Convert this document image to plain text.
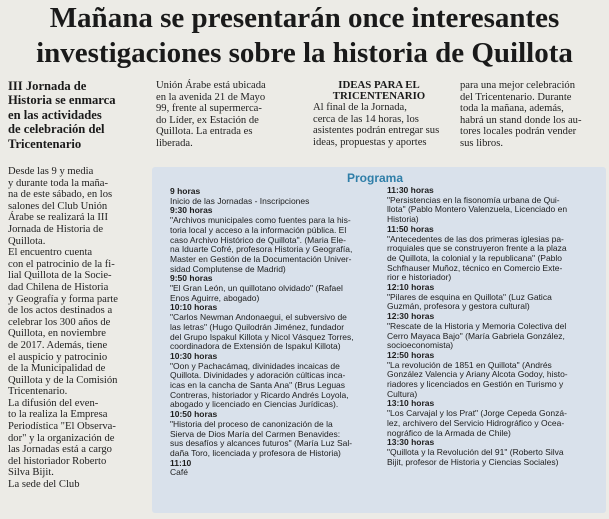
Mañana se presentarán once interesantes
investigaciones sobre la historia de Quillota
III Jornada de
Historia se enmarca
en las actividades
de celebración del
Tricentenario
Desde las 9 y media
y durante toda la maña-
na de este sábado, en los
salones del Club Unión
Árabe se realizará la III
Jornada de Historia de
Quillota.
El encuentro cuenta
con el patrocinio de la fi-
lial Quillota de la Socie-
dad Chilena de Historia
y Geografía y forma parte
de los actos destinados a
celebrar los 300 años de
Quillota, en noviembre
de 2017. Además, tiene
el auspicio y patrocinio
de la Municipalidad de
Quillota y de la Comisión
Tricentenario.
La difusión del even-
to la realiza la Empresa
Periodística "El Observa-
dor" y la organización de
las Jornadas está a cargo
del historiador Roberto
Silva Bijit.
La sede del Club
Unión Árabe está ubicada
en la avenida 21 de Mayo
99, frente al supermerca-
do Líder, ex Estación de
Quillota. La entrada es
liberada.
IDEAS PARA EL
TRICENTENARIO
Al final de la Jornada,
cerca de las 14 horas, los
asistentes podrán entregar sus
ideas, propuestas y aportes
para una mejor celebración
del Tricentenario. Durante
toda la mañana, además,
habrá un stand donde los au-
tores locales podrán vender
sus libros.
Programa
9 horas
Inicio de las Jornadas - Inscripciones
9:30 horas
"Archivos municipales como fuentes para la his-
toria local y acceso a la información pública. El
caso Archivo Histórico de Quillota". (Maria Ele-
na Iduarte Cofré, profesora Historia y Geografía,
Master en Gestión de la Documentación Univer-
sidad Complutense de Madrid)
9:50 horas
"El Gran León, un quillotano olvidado" (Rafael
Enos Aguirre, abogado)
10:10 horas
"Carlos Newman Andonaegui, el subversivo de
las letras" (Hugo Quilodrán Jiménez, fundador
del Grupo Ispakul Killota y Nicol Vásquez Torres,
coordinadora de Extensión de Ispakul Killota)
10:30 horas
"Oon y Pachacámaq, divinidades incaicas de
Quillota. Divinidades y adoración cúlticas inca-
icas en la cancha de Santa Ana" (Brus Leguas
Contreras, historiador y Ricardo Andrés Loyola,
abogado y licenciado en Ciencias Jurídicas).
10:50 horas
"Historia del proceso de canonización de la
Sierva de Dios María del Carmen Benavides:
sus desafíos y alcances futuros" (María Luz Sal-
daña Toro, licenciada y profesora de Historia)
11:10
Café
11:30 horas
"Persistencias en la fisonomía urbana de Qui-
llota" (Pablo Montero Valenzuela, Licenciado en
Historia)
11:50 horas
"Antecedentes de las dos primeras iglesias pa-
rroquiales que se construyeron frente a la plaza
de Quillota, la colonial y la republicana" (Pablo
Schfhauser Muñoz, técnico en Comercio Exte-
rior e historiador)
12:10 horas
"Pilares de esquina en Quillota" (Luz Gatica
Guzmán, profesora y gestora cultural)
12:30 horas
"Rescate de la Historia y Memoria Colectiva del
Cerro Mayaca Bajo" (María Gabriela González,
socioeconomista)
12:50 horas
"La revolución de 1851 en Quillota" (Andrés
González Valencia y Ariany Alcota Godoy, histo-
riadores y licenciados en Gestión en Turismo y
Cultura)
13:10 horas
"Los Carvajal y los Prat" (Jorge Cepeda Gonzá-
lez, archivero del Servicio Hidrográfico y Ocea-
nográfico de la Armada de Chile)
13:30 horas
"Quillota y la Revolución del 91" (Roberto Silva
Bijit, profesor de Historia y Ciencias Sociales)
